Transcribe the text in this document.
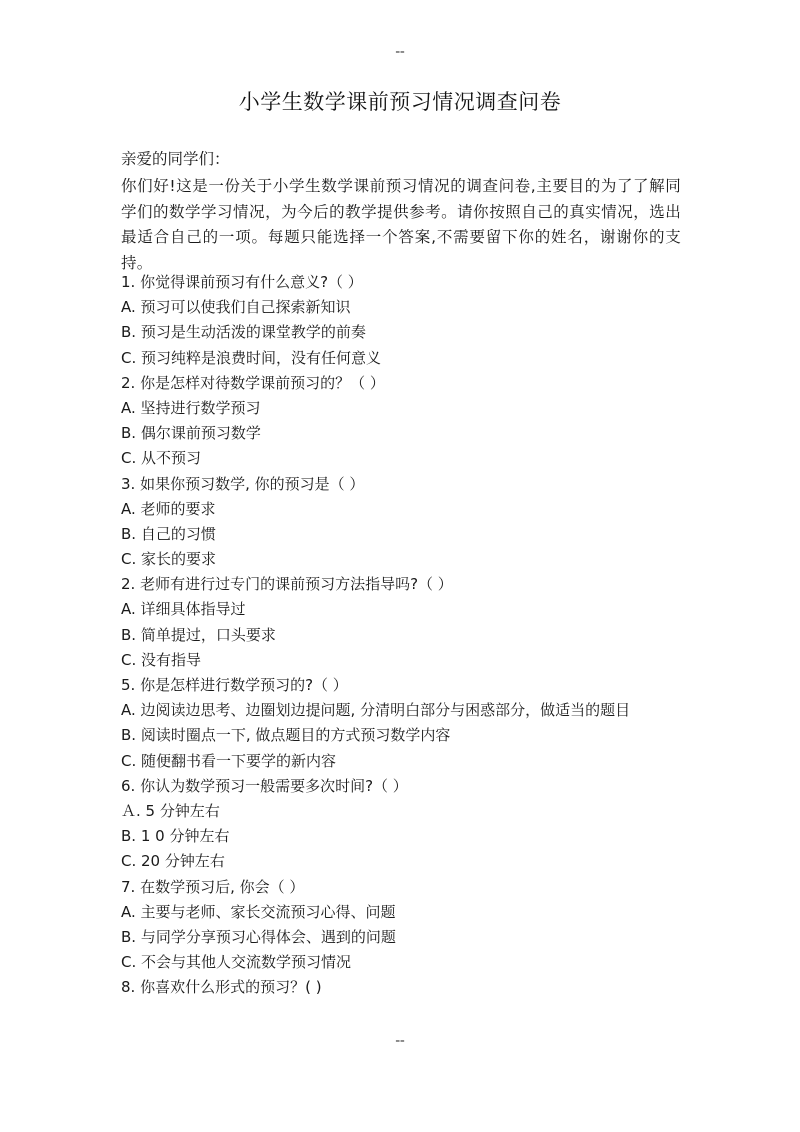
--
小学生数学课前预习情况调查问卷
亲爱的同学们：
你们好!这是一份关于小学生数学课前预习情况的调查问卷,主要目的为了了解同学们的数学学习情况，为今后的教学提供参考。请你按照自己的真实情况，选出最适合自己的一项。每题只能选择一个答案,不需要留下你的姓名，谢谢你的支持。
1. 你觉得课前预习有什么意义?（ ）
A. 预习可以使我们自己探索新知识
B. 预习是生动活泼的课堂教学的前奏
C. 预习纯粹是浪费时间，没有任何意义
2. 你是怎样对待数学课前预习的？（ ）
A. 坚持进行数学预习
B. 偶尔课前预习数学
C. 从不预习
3. 如果你预习数学, 你的预习是（ ）
A. 老师的要求
B. 自己的习惯
C. 家长的要求
2. 老师有进行过专门的课前预习方法指导吗?（ ）
A. 详细具体指导过
B. 简单提过，口头要求
C. 没有指导
5. 你是怎样进行数学预习的?（ ）
A. 边阅读边思考、边圈划边提问题, 分清明白部分与困惑部分，做适当的题目
B. 阅读时圈点一下, 做点题目的方式预习数学内容
C. 随便翻书看一下要学的新内容
6. 你认为数学预习一般需要多次时间?（ ）
Ａ. 5 分钟左右
B. 1 0 分钟左右
C. 20 分钟左右
7. 在数学预习后, 你会（ ）
A. 主要与老师、家长交流预习心得、问题
B. 与同学分享预习心得体会、遇到的问题
C. 不会与其他人交流数学预习情况
8. 你喜欢什么形式的预习？( )
--
